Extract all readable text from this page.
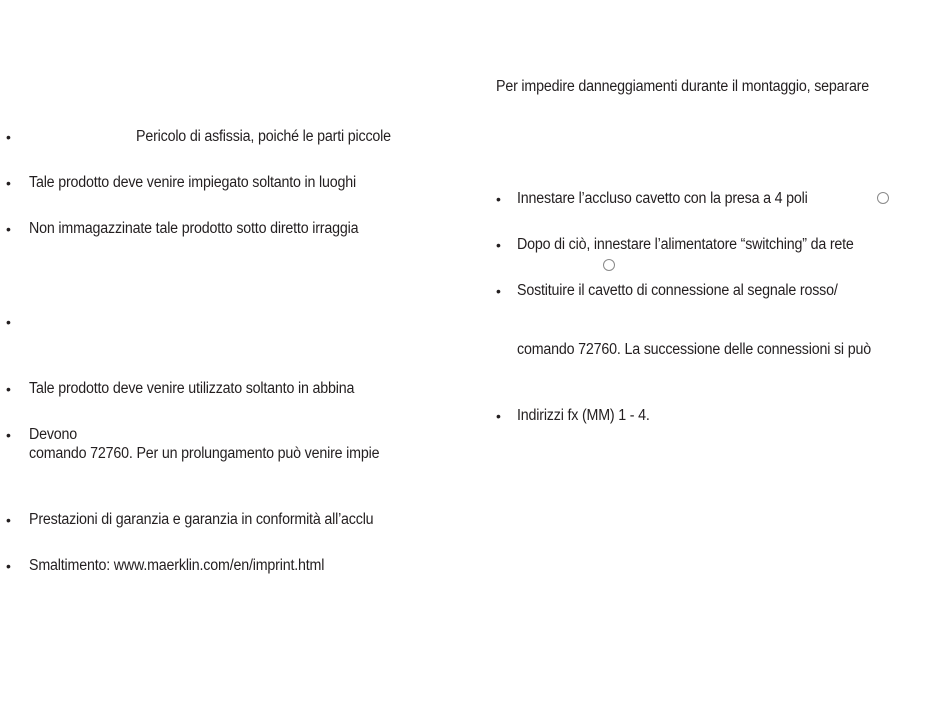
•	Pericolo di asfissia, poiché le parti piccole
• Tale prodotto deve venire impiegato soltanto in luoghi
• Non immagazzinate tale prodotto sotto diretto irraggia
•
• Tale prodotto deve venire utilizzato soltanto in abbina
• Devono
comando 72760. Per un prolungamento può venire impie
• Prestazioni di garanzia e garanzia in conformità all’acclu
• Smaltimento: www.maerklin.com/en/imprint.html
Per impedire danneggiamenti durante il montaggio, separare
• Innestare l’accluso cavetto con la presa a 4 poli
• Dopo di ciò, innestare l’alimentatore “switching” da rete
• Sostituire il cavetto di connessione al segnale rosso/
comando 72760. La successione delle connessioni si può
• Indirizzi fx (MM) 1 - 4.
